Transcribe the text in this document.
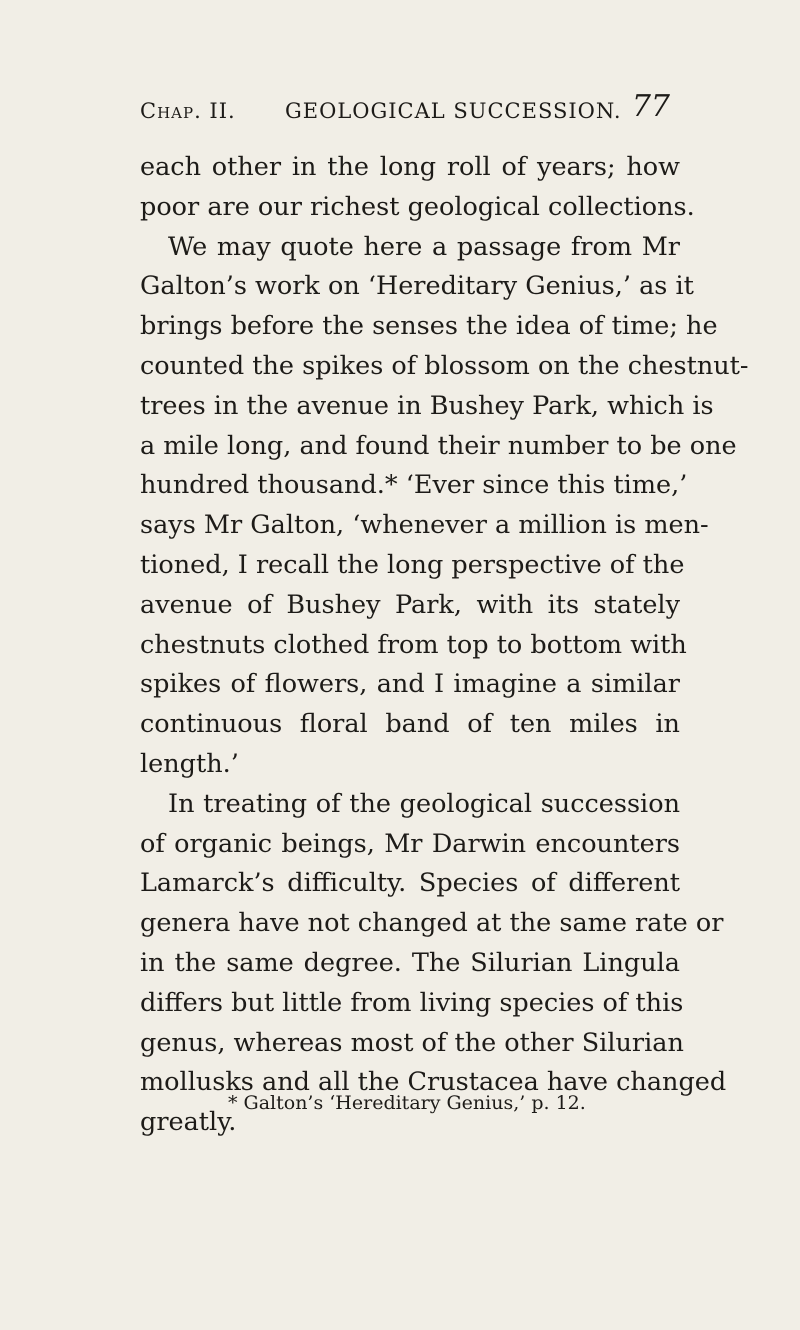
Chap. II. GEOLOGICAL SUCCESSION. 77
each other in the long roll of years; how
poor are our richest geological collections.
We may quote here a passage from Mr
Galton’s work on ‘Hereditary Genius,’ as it
brings before the senses the idea of time; he
counted the spikes of blossom on the chestnut-
trees in the avenue in Bushey Park, which is
a mile long, and found their number to be one
hundred thousand.* ‘Ever since this time,’
says Mr Galton, ‘whenever a million is men-
tioned, I recall the long perspective of the
avenue of Bushey Park, with its stately
chestnuts clothed from top to bottom with
spikes of flowers, and I imagine a similar
continuous floral band of ten miles in
length.’
In treating of the geological succession
of organic beings, Mr Darwin encounters
Lamarck’s difficulty. Species of different
genera have not changed at the same rate or
in the same degree. The Silurian Lingula
differs but little from living species of this
genus, whereas most of the other Silurian
mollusks and all the Crustacea have changed
greatly.
* Galton’s ‘Hereditary Genius,’ p. 12.
